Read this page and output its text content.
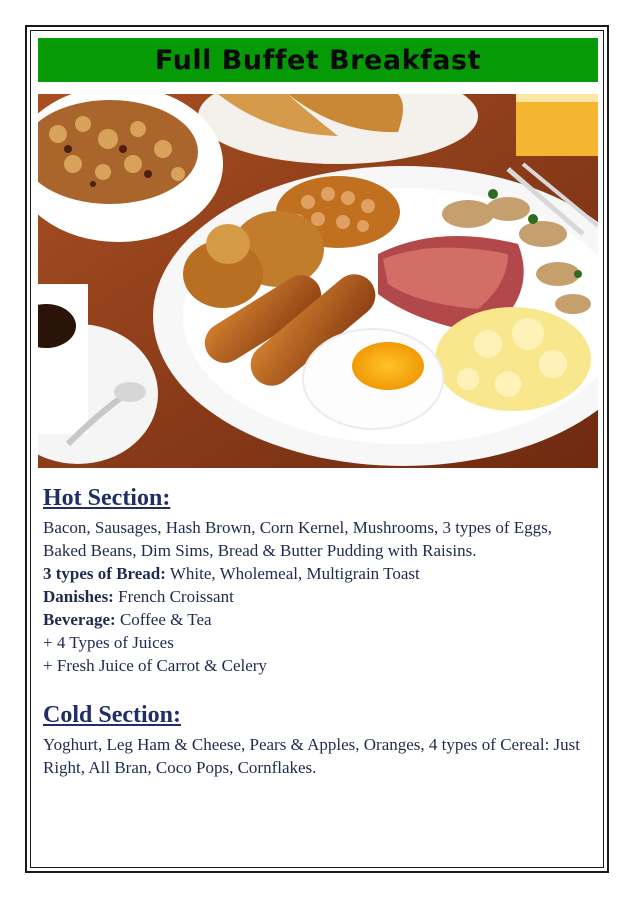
Full Buffet Breakfast
Hot Section:

Bacon, Sausages, Hash Brown, Corn Kernel, Mushrooms, 3 types of Eggs, Baked Beans, Dim Sims, Bread & Butter Pudding with Raisins.

3 types of Bread: White, Wholemeal, Multigrain Toast

Danishes: French Croissant

Beverage: Coffee & Tea

+ 4 Types of Juices

+ Fresh Juice of Carrot & Celery

Cold Section:

Yoghurt, Leg Ham & Cheese, Pears & Apples, Oranges, 4 types of Cereal: Just Right, All Bran, Coco Pops, Cornflakes.
